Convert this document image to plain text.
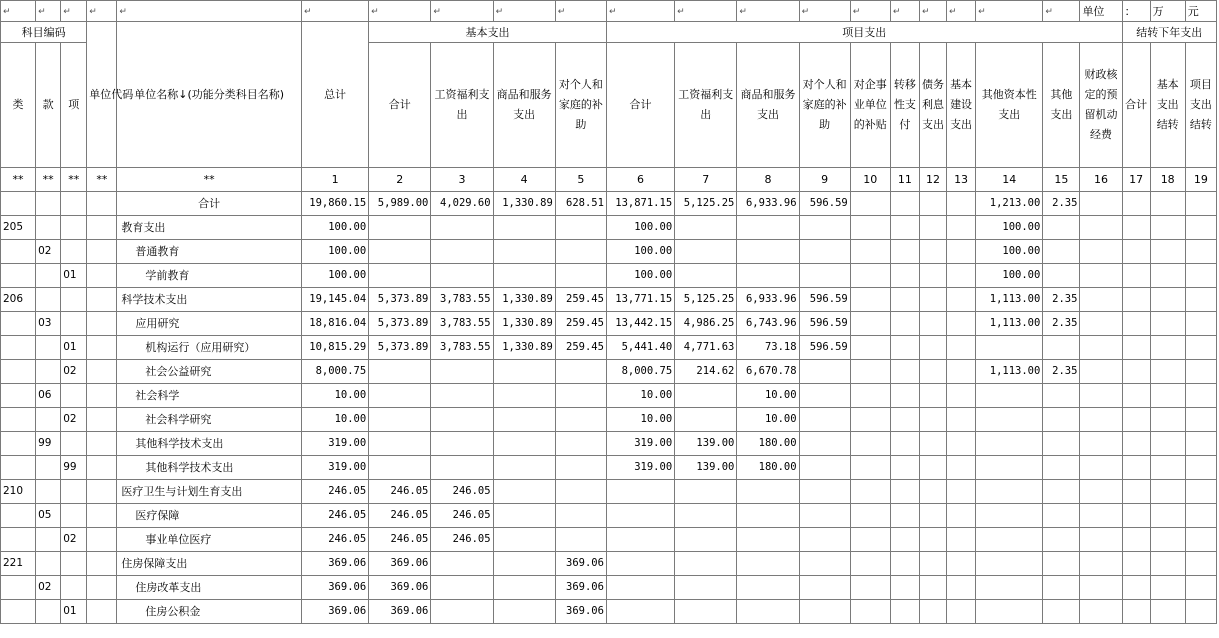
↵	↵	↵	↵	↵	↵	↵	↵	↵	↵	↵	↵	↵	↵	↵	↵	↵	↵	↵	↵	单位	：	万	元
科目编码			单位代码	单位名称↓(功能分类科目名称)	总计	基本支出				项目支出											结转下年支出		
类	款	项				合计	工资福利支出	商品和服务支出	对个人和家庭的补助	合计	工资福利支出	商品和服务支出	对个人和家庭的补助	对企事业单位的补贴	转移性支付	债务利息支出	基本建设支出	其他资本性支出	其他支出	财政核定的预留机动经费	合计	基本支出结转	项目支出结转
**	**	**	**	**	1	2	3	4	5	6	7	8	9	10	11	12	13	14	15	16	17	18	19
				合计	19,860.15	5,989.00	4,029.60	1,330.89	628.51	13,871.15	5,125.25	6,933.96	596.59					1,213.00	2.35				
205				教育支出	100.00					100.00								100.00					
	02			普通教育	100.00					100.00								100.00					
		01		学前教育	100.00					100.00								100.00					
206				科学技术支出	19,145.04	5,373.89	3,783.55	1,330.89	259.45	13,771.15	5,125.25	6,933.96	596.59					1,113.00	2.35				
	03			应用研究	18,816.04	5,373.89	3,783.55	1,330.89	259.45	13,442.15	4,986.25	6,743.96	596.59					1,113.00	2.35				
		01		机构运行（应用研究）	10,815.29	5,373.89	3,783.55	1,330.89	259.45	5,441.40	4,771.63	73.18	596.59										
		02		社会公益研究	8,000.75					8,000.75	214.62	6,670.78						1,113.00	2.35				
	06			社会科学	10.00					10.00		10.00											
		02		社会科学研究	10.00					10.00		10.00											
	99			其他科学技术支出	319.00					319.00	139.00	180.00											
		99		其他科学技术支出	319.00					319.00	139.00	180.00											
210				医疗卫生与计划生育支出	246.05	246.05	246.05																
	05			医疗保障	246.05	246.05	246.05																
		02		事业单位医疗	246.05	246.05	246.05																
221				住房保障支出	369.06	369.06			369.06														
	02			住房改革支出	369.06	369.06			369.06														
		01		住房公积金	369.06	369.06			369.06														
